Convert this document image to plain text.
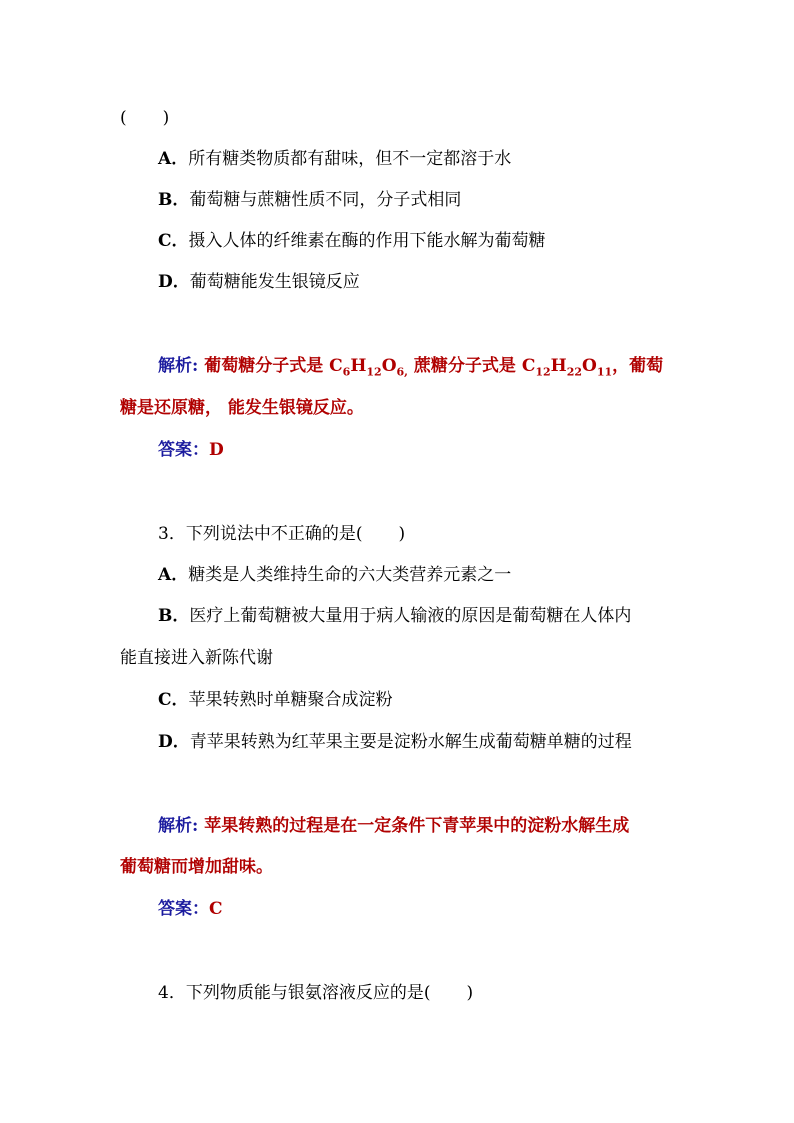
( )
A．所有糖类物质都有甜味，但不一定都溶于水
B．葡萄糖与蔗糖性质不同，分子式相同
C．摄入人体的纤维素在酶的作用下能水解为葡萄糖
D．葡萄糖能发生银镜反应
解析: 葡萄糖分子式是 $C_6H_{12}O_{6,}$ 蔗糖分子式是 $C_{12}H_{22}O_{11}$，葡萄
糖是还原糖， 能发生银镜反应。
答案：D
3．下列说法中不正确的是( )
A．糖类是人类维持生命的六大类营养元素之一
B．医疗上葡萄糖被大量用于病人输液的原因是葡萄糖在人体内
能直接进入新陈代谢
C．苹果转熟时单糖聚合成淀粉
D．青苹果转熟为红苹果主要是淀粉水解生成葡萄糖单糖的过程
解析: 苹果转熟的过程是在一定条件下青苹果中的淀粉水解生成
葡萄糖而增加甜味。
答案：C
4．下列物质能与银氨溶液反应的是( )
